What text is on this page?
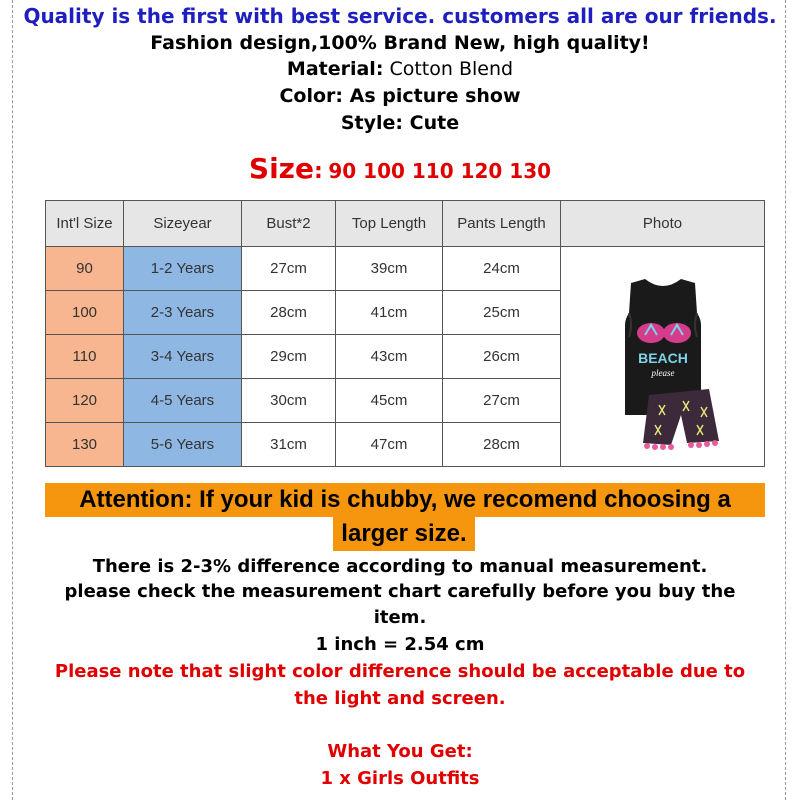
Quality is the first with best service. customers all are our friends.
Fashion design,100% Brand New, high quality!
Material: Cotton Blend
Color: As picture show
Style: Cute
Size: 90 100 110 120 130
Int'l Size	Sizeyear	Bust*2	Top Length	Pants Length	Photo
90	1-2 Years	27cm	39cm	24cm	BEACH
please

100	2-3 Years	28cm	41cm	25cm	
110	3-4 Years	29cm	43cm	26cm	
120	4-5 Years	30cm	45cm	27cm	
130	5-6 Years	31cm	47cm	28cm	
Attention: If your kid is chubby, we recomend choosing a
larger size.
There is 2-3% difference according to manual measurement.
please check the measurement chart carefully before you buy the
item.
1 inch = 2.54 cm
Please note that slight color difference should be acceptable due to
the light and screen.
What You Get:
1 x Girls Outfits
